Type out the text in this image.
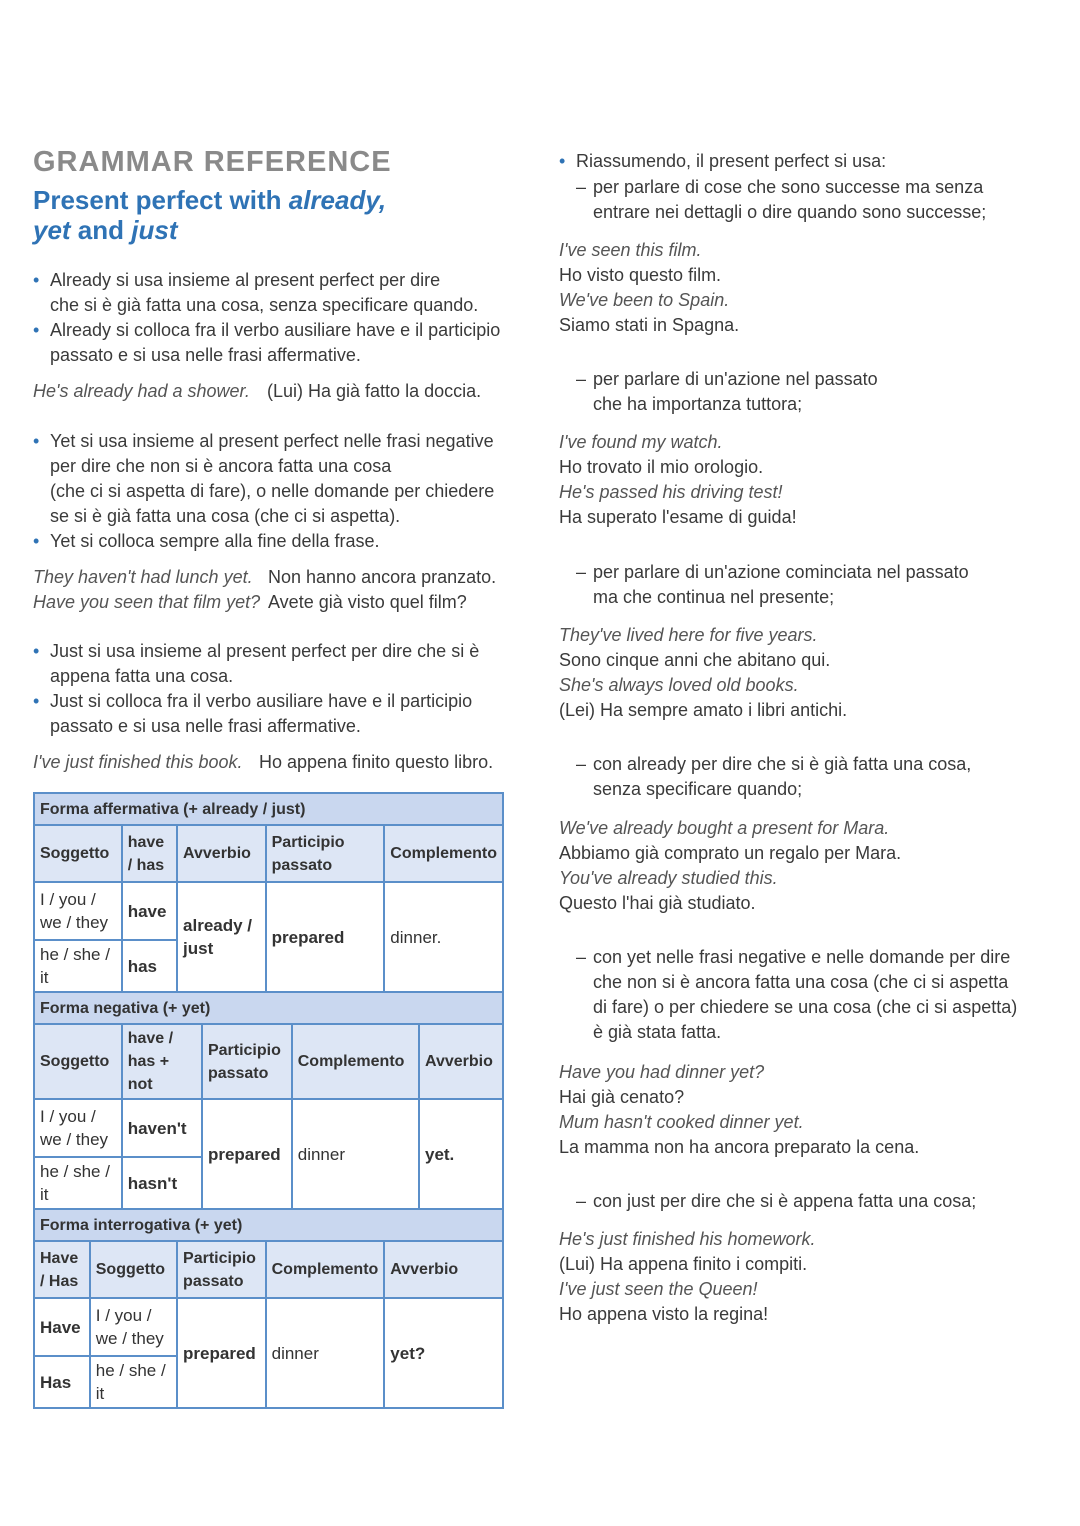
GRAMMAR REFERENCE
Present perfect with already,
yet and just
• Already si usa insieme al present perfect per dire
che si è già fatta una cosa, senza specificare quando.
• Already si colloca fra il verbo ausiliare have e il participio
passato e si usa nelle frasi affermative.
He's already had a shower. (Lui) Ha già fatto la doccia.
• Yet si usa insieme al present perfect nelle frasi negative
per dire che non si è ancora fatta una cosa
(che ci si aspetta di fare), o nelle domande per chiedere
se si è già fatta una cosa (che ci si aspetta).
• Yet si colloca sempre alla fine della frase.
They haven't had lunch yet. Non hanno ancora pranzato.
Have you seen that film yet? Avete già visto quel film?
• Just si usa insieme al present perfect per dire che si è
appena fatta una cosa.
• Just si colloca fra il verbo ausiliare have e il participio
passato e si usa nelle frasi affermative.
I've just finished this book. Ho appena finito questo libro.
Forma affermativa (+ already / just)								
Soggetto		have / has	Avverbio		Participio passato		Complemento	
I / you / we / they		have	already / just		prepared		dinner.	
he / she / it		has						
Forma negativa (+ yet)								
Soggetto		have / has + not		Participio passato		Complemento		Avverbio
I / you / we / they		haven't		prepared		dinner		yet.
he / she / it		hasn't						
Forma interrogativa (+ yet)								
Have / Has	Soggetto		Participio passato		Complemento		Avverbio	
Have	I / you / we / they		prepared		dinner		yet?	
Has	he / she / it							
• Riassumendo, il present perfect si usa:
– per parlare di cose che sono successe ma senza
entrare nei dettagli o dire quando sono successe;
I've seen this film.
Ho visto questo film.
We've been to Spain.
Siamo stati in Spagna.
– per parlare di un'azione nel passato
che ha importanza tuttora;
I've found my watch.
Ho trovato il mio orologio.
He's passed his driving test!
Ha superato l'esame di guida!
– per parlare di un'azione cominciata nel passato
ma che continua nel presente;
They've lived here for five years.
Sono cinque anni che abitano qui.
She's always loved old books.
(Lei) Ha sempre amato i libri antichi.
– con already per dire che si è già fatta una cosa,
senza specificare quando;
We've already bought a present for Mara.
Abbiamo già comprato un regalo per Mara.
You've already studied this.
Questo l'hai già studiato.
– con yet nelle frasi negative e nelle domande per dire
che non si è ancora fatta una cosa (che ci si aspetta
di fare) o per chiedere se una cosa (che ci si aspetta)
è già stata fatta.
Have you had dinner yet?
Hai già cenato?
Mum hasn't cooked dinner yet.
La mamma non ha ancora preparato la cena.
– con just per dire che si è appena fatta una cosa;
He's just finished his homework.
(Lui) Ha appena finito i compiti.
I've just seen the Queen!
Ho appena visto la regina!
